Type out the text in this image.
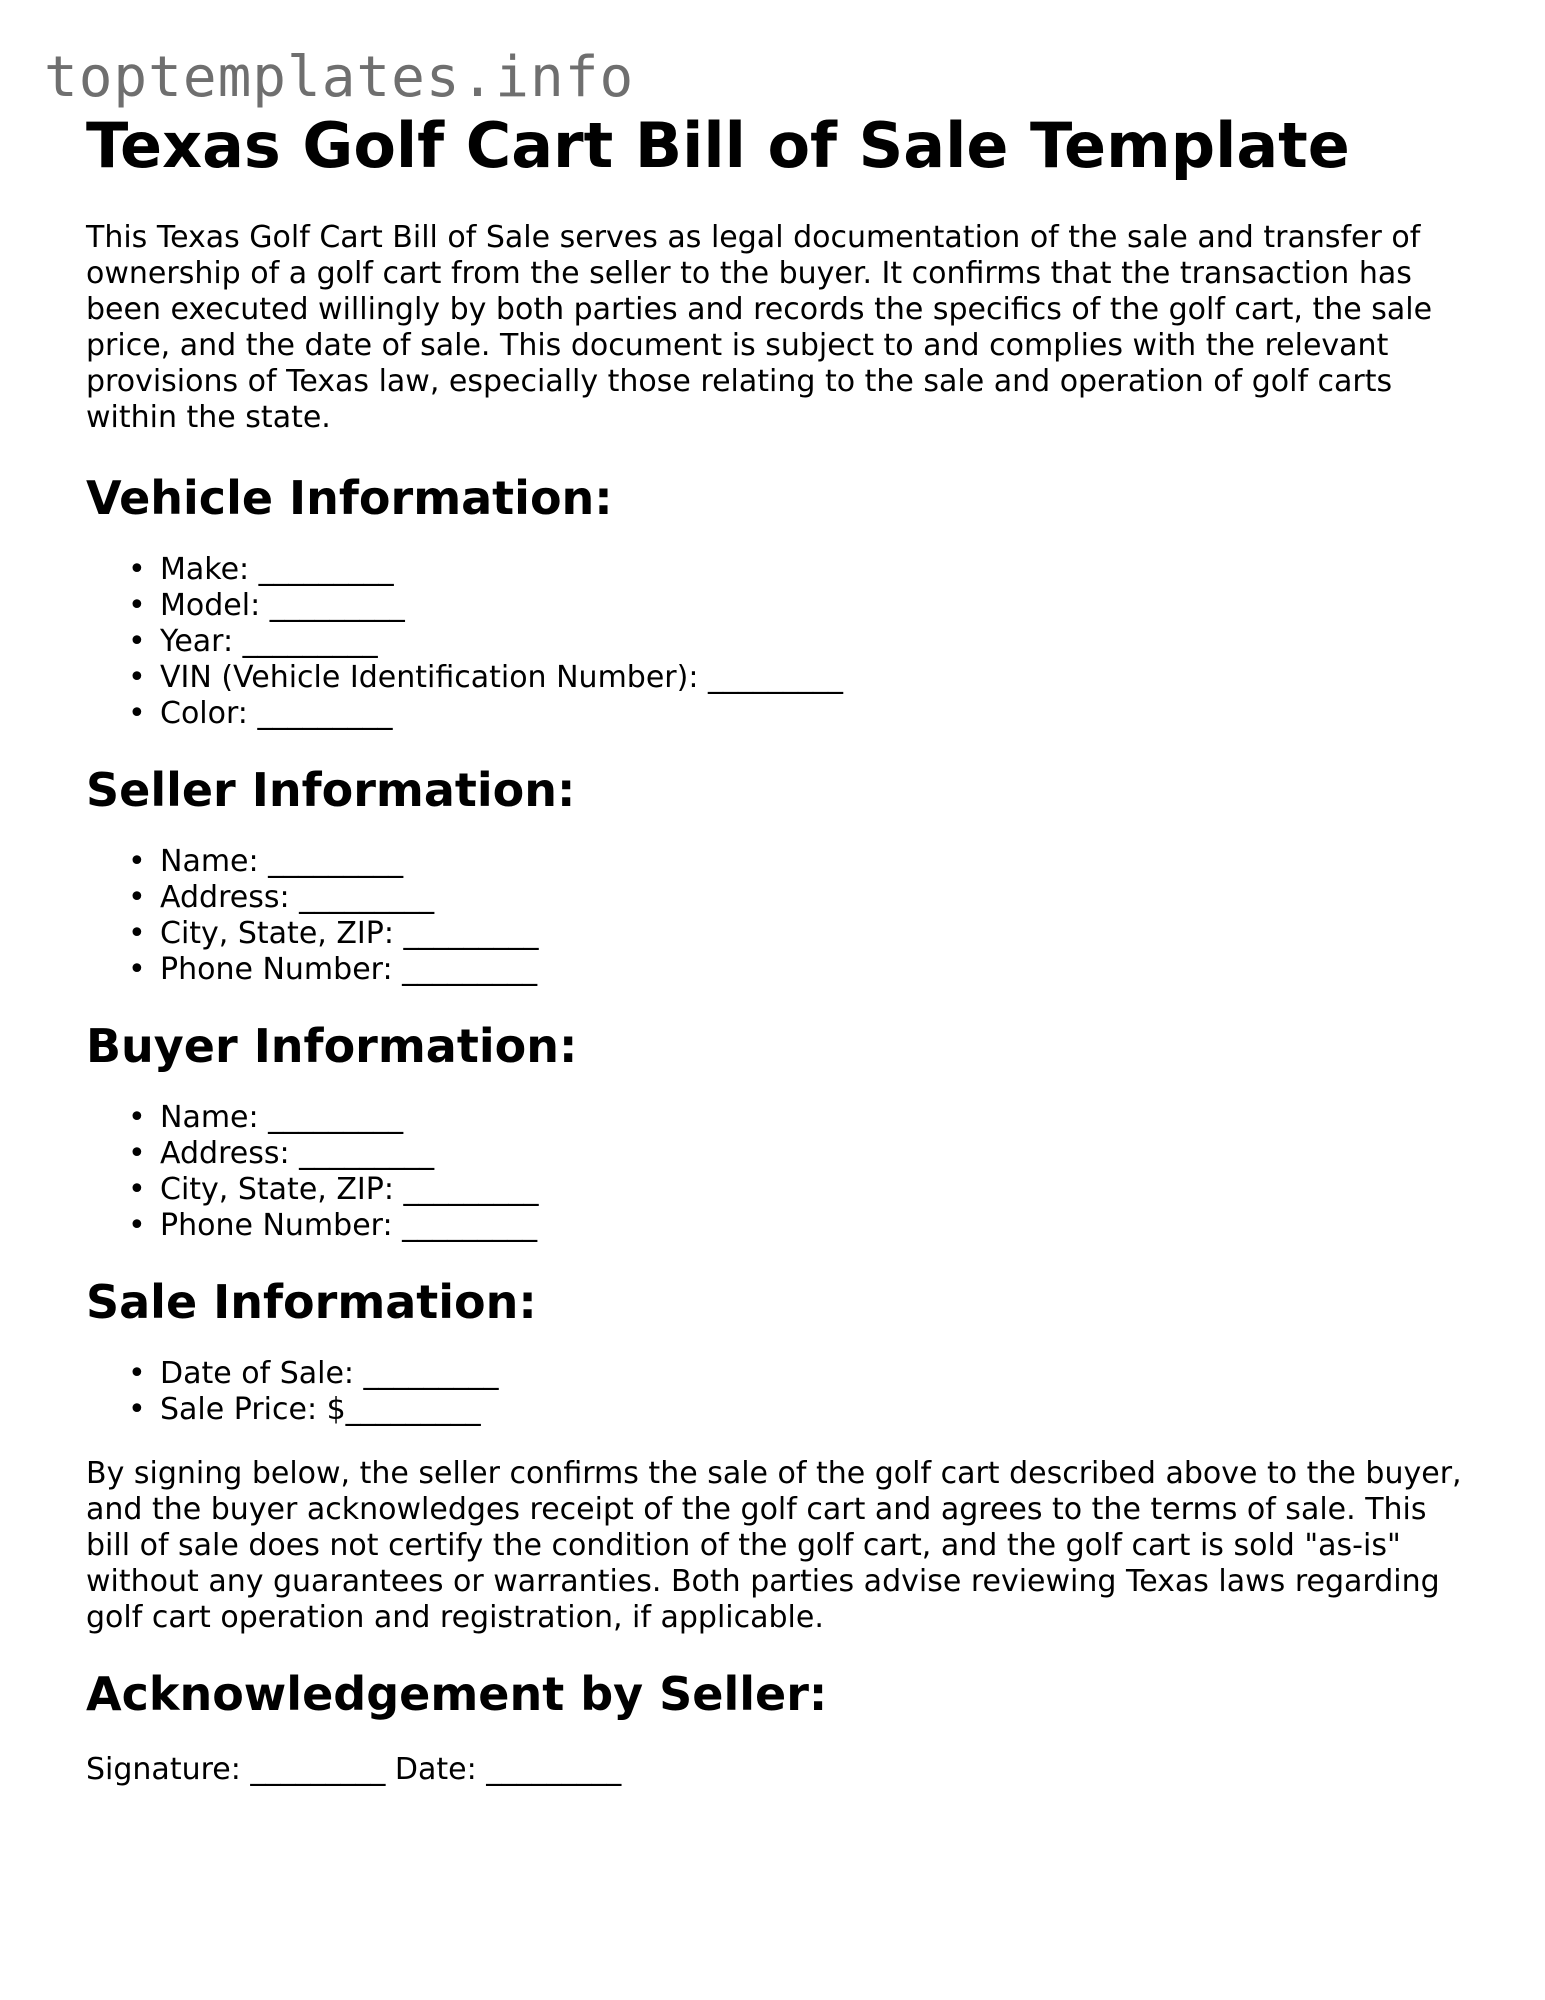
toptemplates.info
Texas Golf Cart Bill of Sale Template

This Texas Golf Cart Bill of Sale serves as legal documentation of the sale and transfer of ownership of a golf cart from the seller to the buyer. It confirms that the transaction has been executed willingly by both parties and records the specifics of the golf cart, the sale price, and the date of sale. This document is subject to and complies with the relevant provisions of Texas law, especially those relating to the sale and operation of golf carts within the state.

Vehicle Information:
• Make: _________
• Model: _________
• Year: _________
• VIN (Vehicle Identification Number): _________
• Color: _________
Seller Information:
• Name: _________
• Address: _________
• City, State, ZIP: _________
• Phone Number: _________
Buyer Information:
• Name: _________
• Address: _________
• City, State, ZIP: _________
• Phone Number: _________
Sale Information:
• Date of Sale: _________
• Sale Price: $_________

By signing below, the seller confirms the sale of the golf cart described above to the buyer, and the buyer acknowledges receipt of the golf cart and agrees to the terms of sale. This bill of sale does not certify the condition of the golf cart, and the golf cart is sold "as-is" without any guarantees or warranties. Both parties advise reviewing Texas laws regarding golf cart operation and registration, if applicable.

Acknowledgement by Seller:
Signature: _________ Date: _________
